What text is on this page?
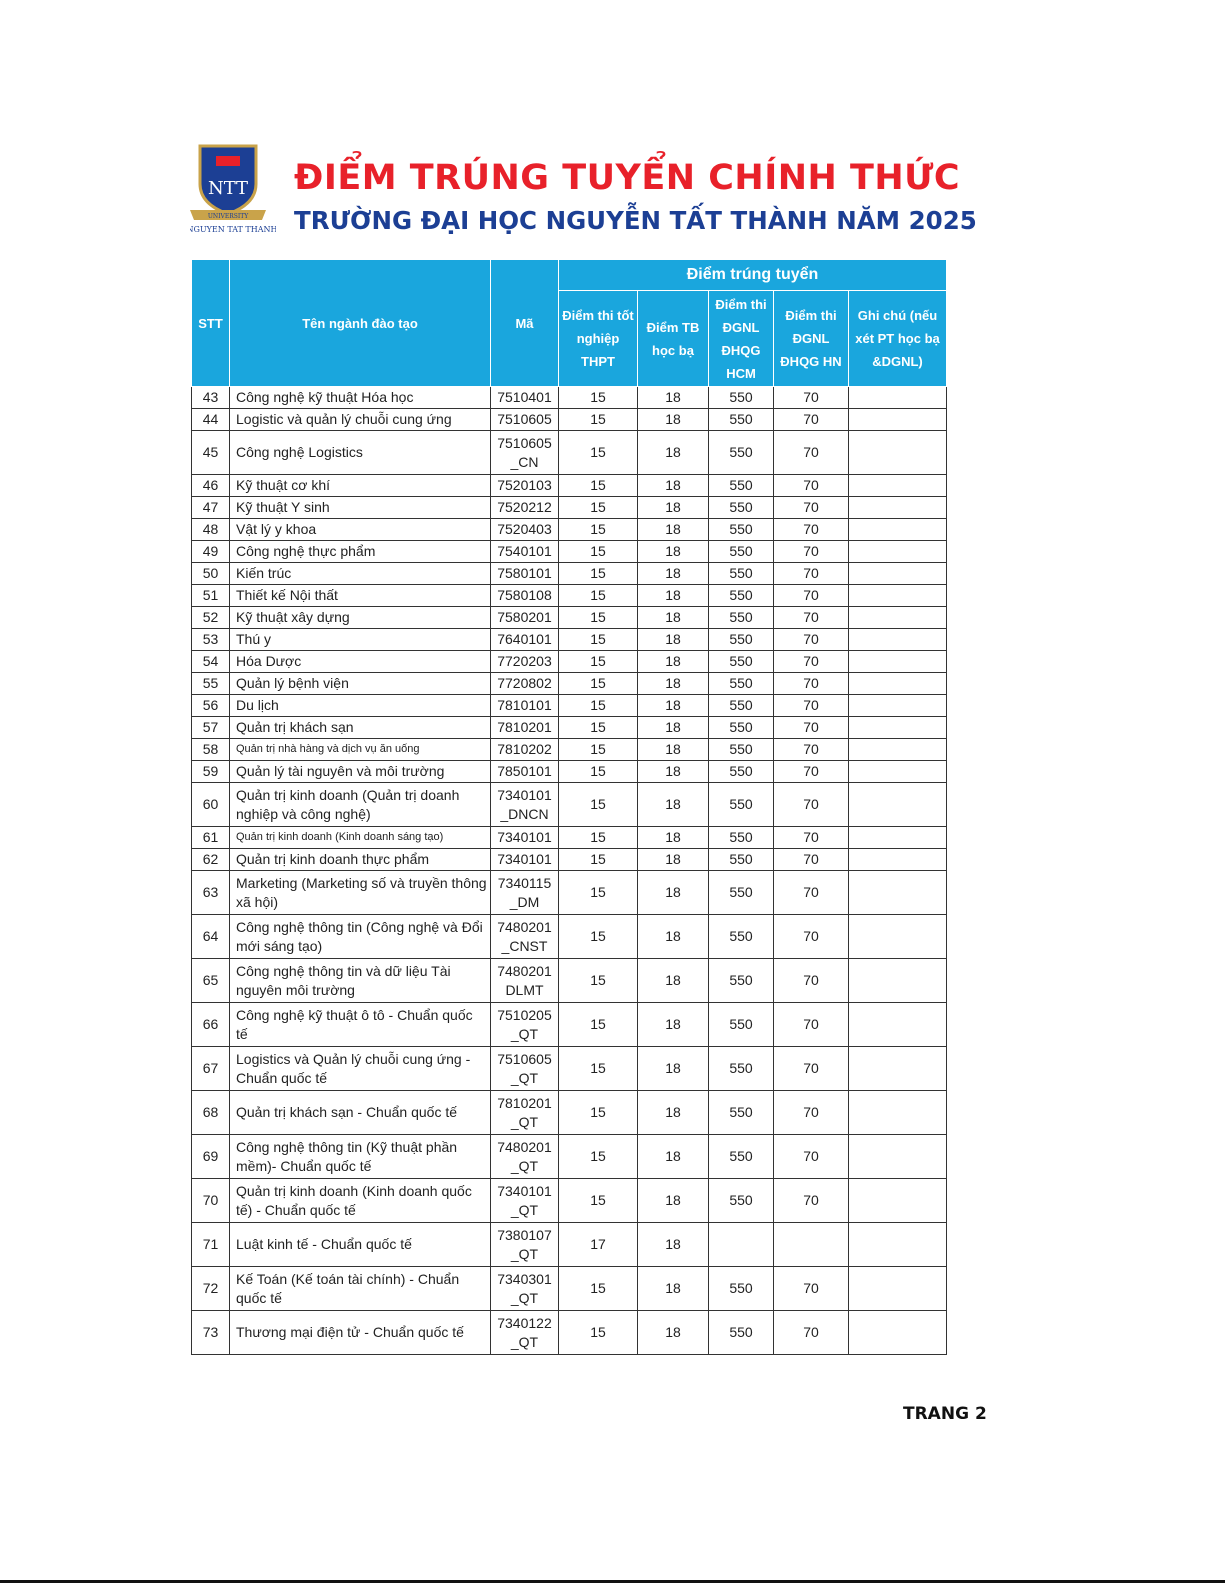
NTT
UNIVERSITY
NGUYEN TAT THANH
ĐIỂM TRÚNG TUYỂN CHÍNH THỨC
TRƯỜNG ĐẠI HỌC NGUYỄN TẤT THÀNH NĂM 2025
STT	Tên ngành đào tạo	Mã	Điểm trúng tuyển				
			Điểm thi tốt nghiệp THPT	Điểm TB học bạ	Điểm thi ĐGNL ĐHQG HCM	Điểm thi ĐGNL ĐHQG HN	Ghi chú (nếu xét PT học bạ &DGNL)
43	Công nghệ kỹ thuật Hóa học	7510401	15	18	550	70	
44	Logistic và quản lý chuỗi cung ứng	7510605	15	18	550	70	
45	Công nghệ Logistics	7510605 _CN	15	18	550	70	
46	Kỹ thuật cơ khí	7520103	15	18	550	70	
47	Kỹ thuật Y sinh	7520212	15	18	550	70	
48	Vật lý y khoa	7520403	15	18	550	70	
49	Công nghệ thực phẩm	7540101	15	18	550	70	
50	Kiến trúc	7580101	15	18	550	70	
51	Thiết kế Nội thất	7580108	15	18	550	70	
52	Kỹ thuật xây dựng	7580201	15	18	550	70	
53	Thú y	7640101	15	18	550	70	
54	Hóa Dược	7720203	15	18	550	70	
55	Quản lý bệnh viện	7720802	15	18	550	70	
56	Du lịch	7810101	15	18	550	70	
57	Quản trị khách sạn	7810201	15	18	550	70	
58	Quản trị nhà hàng và dịch vụ ăn uống	7810202	15	18	550	70	
59	Quản lý tài nguyên và môi trường	7850101	15	18	550	70	
60	Quản trị kinh doanh (Quản trị doanh nghiệp và công nghệ)	7340101 _DNCN	15	18	550	70	
61	Quản trị kinh doanh (Kinh doanh sáng tạo)	7340101	15	18	550	70	
62	Quản trị kinh doanh thực phẩm	7340101	15	18	550	70	
63	Marketing (Marketing số và truyền thông xã hội)	7340115 _DM	15	18	550	70	
64	Công nghệ thông tin (Công nghệ và Đổi mới sáng tạo)	7480201 _CNST	15	18	550	70	
65	Công nghệ thông tin và dữ liệu Tài nguyên môi trường	7480201 DLMT	15	18	550	70	
66	Công nghệ kỹ thuật ô tô - Chuẩn quốc tế	7510205 _QT	15	18	550	70	
67	Logistics và Quản lý chuỗi cung ứng - Chuẩn quốc tế	7510605 _QT	15	18	550	70	
68	Quản trị khách sạn - Chuẩn quốc tế	7810201 _QT	15	18	550	70	
69	Công nghệ thông tin (Kỹ thuật phần mềm)- Chuẩn quốc tế	7480201 _QT	15	18	550	70	
70	Quản trị kinh doanh (Kinh doanh quốc tế) - Chuẩn quốc tế	7340101 _QT	15	18	550	70	
71	Luật kinh tế - Chuẩn quốc tế	7380107 _QT	17	18			
72	Kế Toán (Kế toán tài chính) - Chuẩn quốc tế	7340301 _QT	15	18	550	70	
73	Thương mại điện tử - Chuẩn quốc tế	7340122 _QT	15	18	550	70	
TRANG 2
